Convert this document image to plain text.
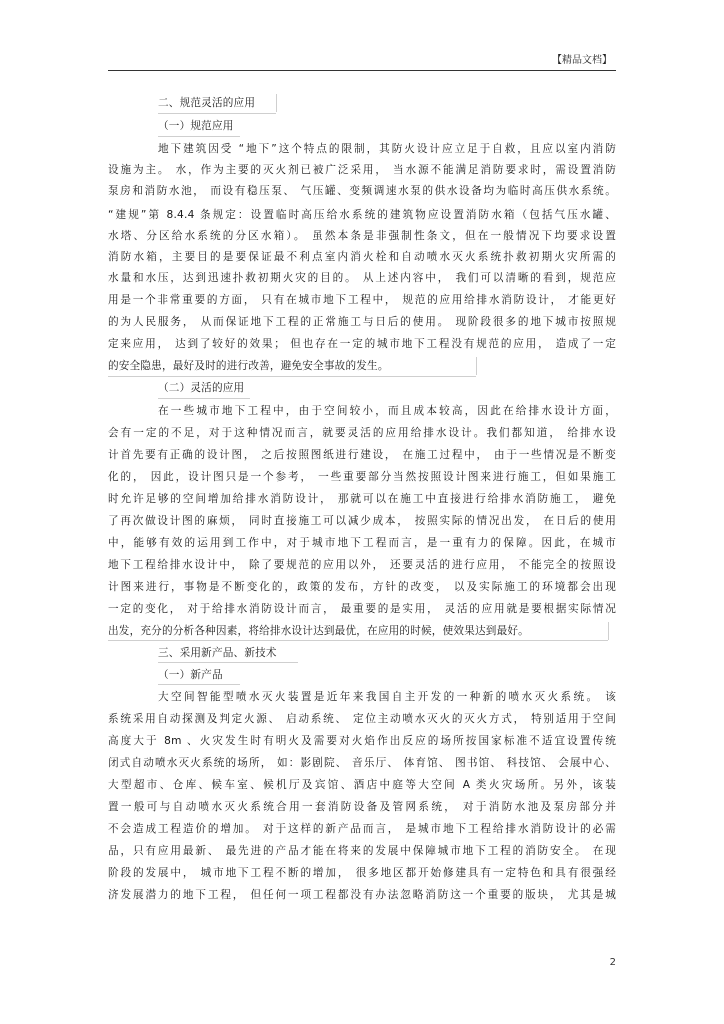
【精品文档】
二、规范灵活的应用
（一）规范应用
地下建筑因受 “地下”这个特点的限制，其防火设计应立足于自救，且应以室内消防
设施为主。 水，作为主要的灭火剂已被广泛采用， 当水源不能满足消防要求时，需设置消防
泵房和消防水池， 而设有稳压泵、 气压罐、变频调速水泵的供水设备均为临时高压供水系统。
“建规”第 8.4.4 条规定：设置临时高压给水系统的建筑物应设置消防水箱（包括气压水罐、
水塔、分区给水系统的分区水箱）。 虽然本条是非强制性条文，但在一般情况下均要求设置
消防水箱，主要目的是要保证最不利点室内消火栓和自动喷水灭火系统扑救初期火灾所需的
水量和水压，达到迅速扑救初期火灾的目的。 从上述内容中， 我们可以清晰的看到，规范应
用是一个非常重要的方面， 只有在城市地下工程中， 规范的应用给排水消防设计， 才能更好
的为人民服务， 从而保证地下工程的正常施工与日后的使用。 现阶段很多的地下城市按照规
定来应用， 达到了较好的效果； 但也存在一定的城市地下工程没有规范的应用， 造成了一定
的安全隐患，最好及时的进行改善，避免安全事故的发生。
（二）灵活的应用
在一些城市地下工程中，由于空间较小，而且成本较高，因此在给排水设计方面，
会有一定的不足，对于这种情况而言，就要灵活的应用给排水设计。我们都知道， 给排水设
计首先要有正确的设计图， 之后按照图纸进行建设， 在施工过程中， 由于一些情况是不断变
化的， 因此，设计图只是一个参考， 一些重要部分当然按照设计图来进行施工，但如果施工
时允许足够的空间增加给排水消防设计， 那就可以在施工中直接进行给排水消防施工， 避免
了再次做设计图的麻烦， 同时直接施工可以减少成本， 按照实际的情况出发， 在日后的使用
中，能够有效的运用到工作中，对于城市地下工程而言，是一重有力的保障。因此，在城市
地下工程给排水设计中， 除了要规范的应用以外， 还要灵活的进行应用， 不能完全的按照设
计图来进行，事物是不断变化的，政策的发布，方针的改变， 以及实际施工的环境都会出现
一定的变化， 对于给排水消防设计而言， 最重要的是实用， 灵活的应用就是要根据实际情况
出发，充分的分析各种因素，将给排水设计达到最优，在应用的时候，使效果达到最好。
三、采用新产品、新技术
（一）新产品
大空间智能型喷水灭火装置是近年来我国自主开发的一种新的喷水灭火系统。 该
系统采用自动探测及判定火源、 启动系统、 定位主动喷水灭火的灭火方式， 特别适用于空间
高度大于 8m 、火灾发生时有明火及需要对火焰作出反应的场所按国家标准不适宜设置传统
闭式自动喷水灭火系统的场所， 如：影剧院、 音乐厅、 体育馆、 图书馆、 科技馆、 会展中心、
大型超市、仓库、候车室、候机厅及宾馆、酒店中庭等大空间 A 类火灾场所。另外，该装
置一般可与自动喷水灭火系统合用一套消防设备及管网系统， 对于消防水池及泵房部分并
不会造成工程造价的增加。 对于这样的新产品而言， 是城市地下工程给排水消防设计的必需
品，只有应用最新、 最先进的产品才能在将来的发展中保障城市地下工程的消防安全。 在现
阶段的发展中， 城市地下工程不断的增加， 很多地区都开始修建具有一定特色和具有很强经
济发展潜力的地下工程， 但任何一项工程都没有办法忽略消防这一个重要的版块， 尤其是城
2
